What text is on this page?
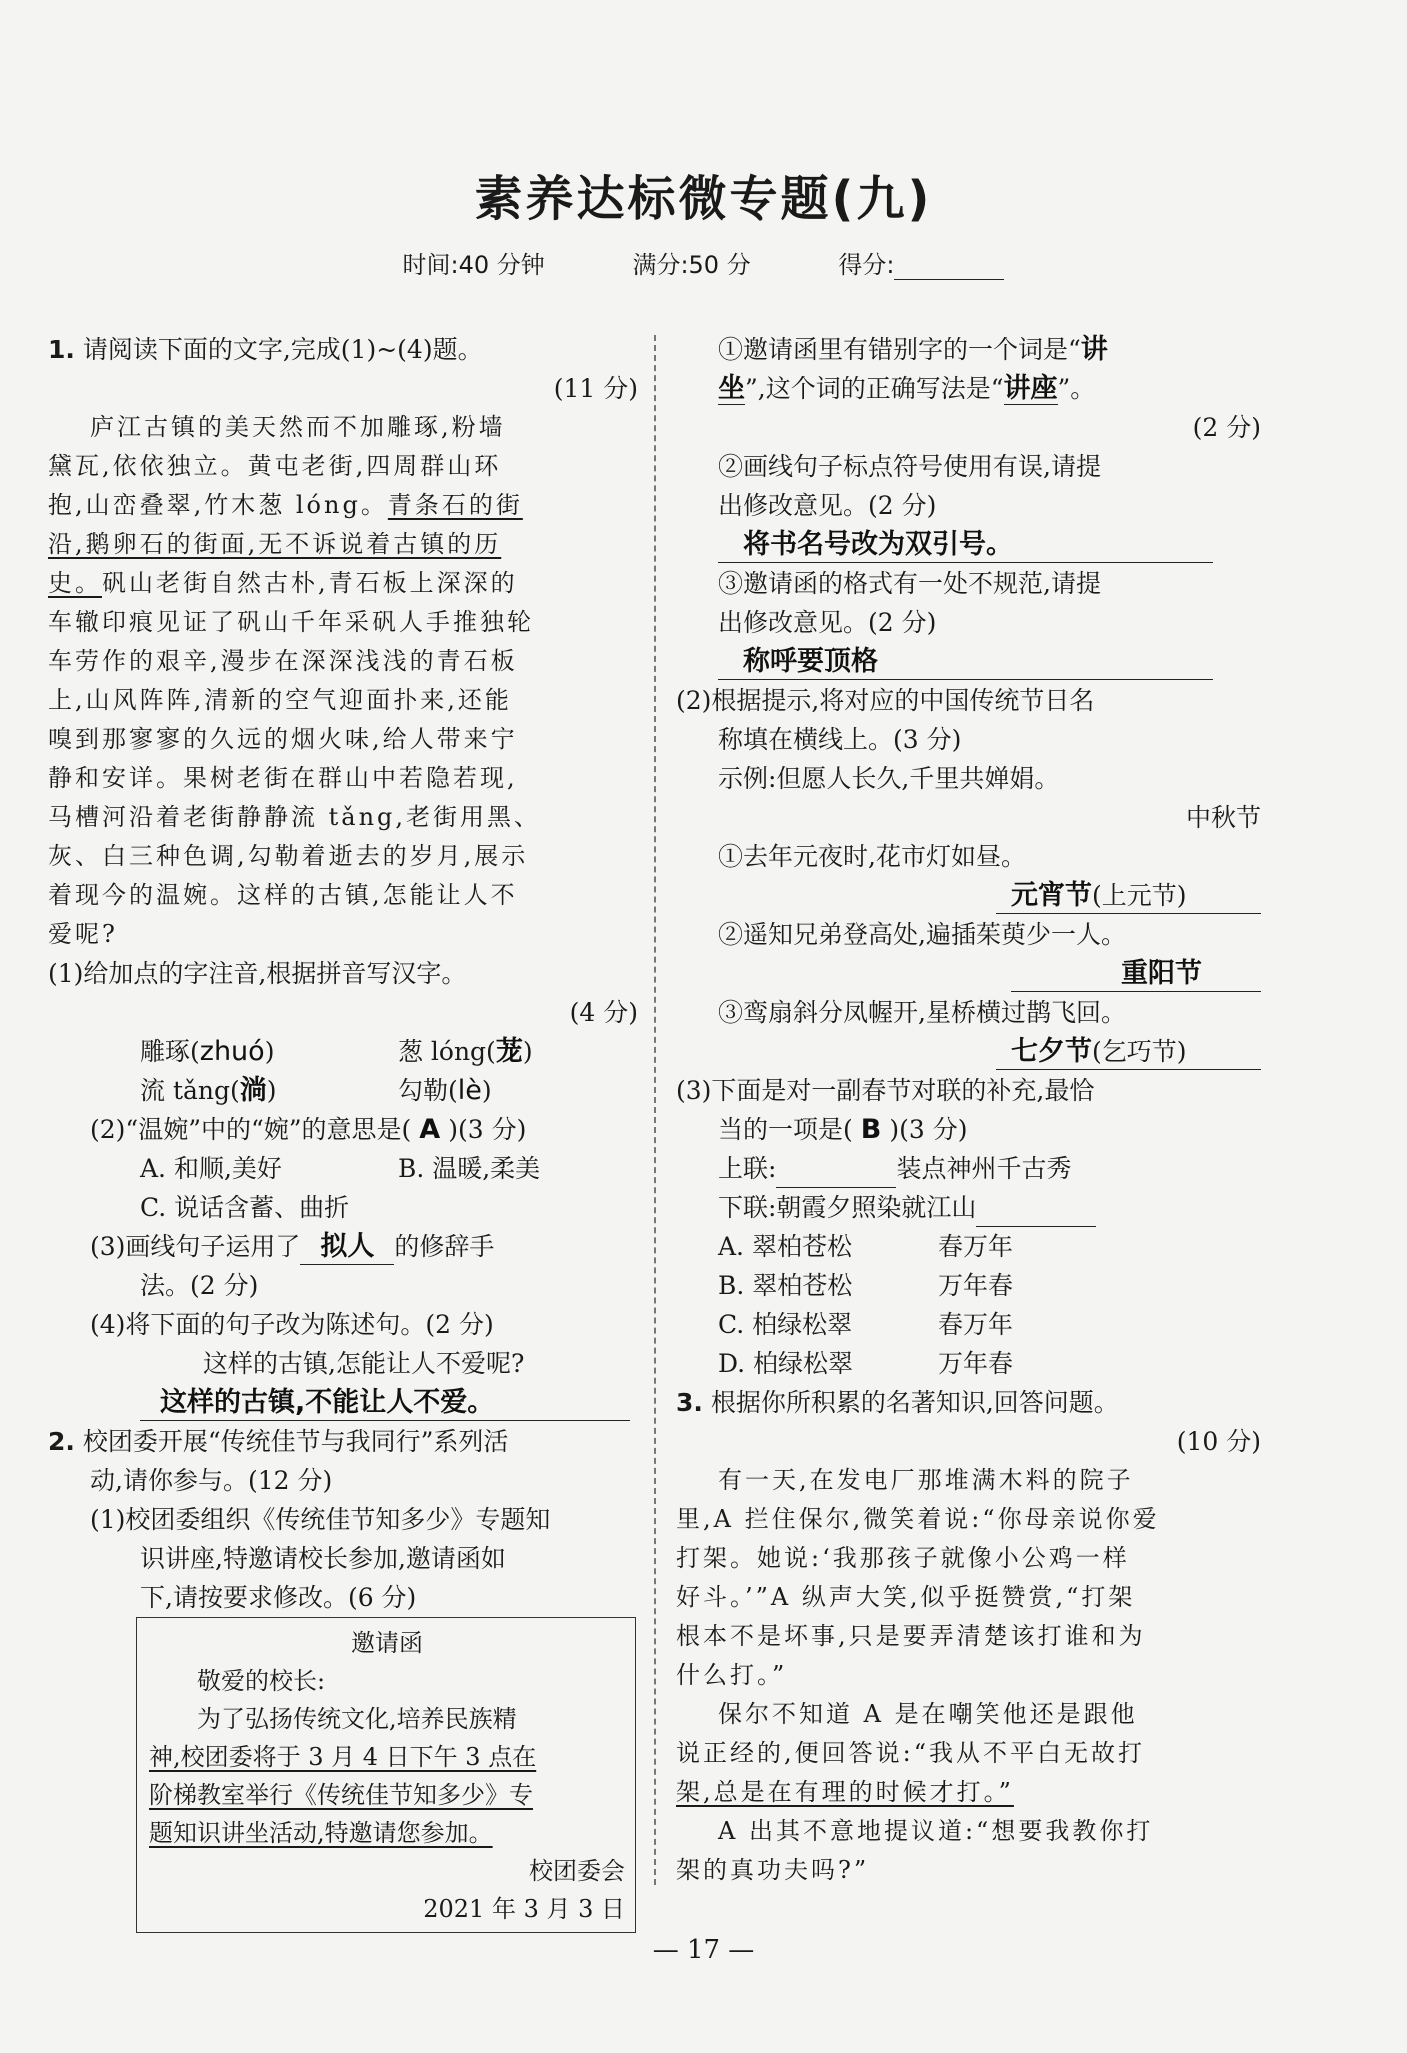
素养达标微专题(九)
时间:40 分钟	满分:50 分	得分:
1. 请阅读下面的文字,完成(1)~(4)题。
(11 分)
庐江古镇的美天然而不加雕琢,粉墙
黛瓦,依依独立。黄屯老街,四周群山环
抱,山峦叠翠,竹木葱 lóng。青条石的街
沿,鹅卵石的街面,无不诉说着古镇的历
史。矾山老街自然古朴,青石板上深深的
车辙印痕见证了矾山千年采矾人手推独轮
车劳作的艰辛,漫步在深深浅浅的青石板
上,山风阵阵,清新的空气迎面扑来,还能
嗅到那寥寥的久远的烟火味,给人带来宁
静和安详。果树老街在群山中若隐若现,
马槽河沿着老街静静流 tǎng,老街用黑、
灰、白三种色调,勾勒着逝去的岁月,展示
着现今的温婉。这样的古镇,怎能让人不
爱呢?
(1)给加点的字注音,根据拼音写汉字。
(4 分)
雕琢(zhuó)	葱 lóng(茏)
流 tǎng(淌)	勾勒(lè)
(2)“温婉”中的“婉”的意思是( A )(3 分)
A. 和顺,美好	B. 温暖,柔美
C. 说话含蓄、曲折
(3)画线句子运用了 拟人 的修辞手
法。(2 分)
(4)将下面的句子改为陈述句。(2 分)
这样的古镇,怎能让人不爱呢?
这样的古镇,不能让人不爱。
2. 校团委开展“传统佳节与我同行”系列活
动,请你参与。(12 分)
(1)校团委组织《传统佳节知多少》专题知
识讲座,特邀请校长参加,邀请函如
下,请按要求修改。(6 分)
邀请函
敬爱的校长:
为了弘扬传统文化,培养民族精
神,校团委将于 3 月 4 日下午 3 点在
阶梯教室举行《传统佳节知多少》专
题知识讲坐活动,特邀请您参加。
校团委会
2021 年 3 月 3 日
①邀请函里有错别字的一个词是“讲
坐”,这个词的正确写法是“讲座”。
(2 分)
②画线句子标点符号使用有误,请提
出修改意见。(2 分)
将书名号改为双引号。
③邀请函的格式有一处不规范,请提
出修改意见。(2 分)
称呼要顶格
(2)根据提示,将对应的中国传统节日名
称填在横线上。(3 分)
示例:但愿人长久,千里共婵娟。
中秋节
①去年元夜时,花市灯如昼。
元宵节(上元节)
②遥知兄弟登高处,遍插茱萸少一人。
重阳节
③鸾扇斜分凤幄开,星桥横过鹊飞回。
七夕节(乞巧节)
(3)下面是对一副春节对联的补充,最恰
当的一项是( B )(3 分)
上联:	装点神州千古秀
下联:朝霞夕照染就江山
A. 翠柏苍松	春万年
B. 翠柏苍松	万年春
C. 柏绿松翠	春万年
D. 柏绿松翠	万年春
3. 根据你所积累的名著知识,回答问题。
(10 分)
有一天,在发电厂那堆满木料的院子
里,A 拦住保尔,微笑着说:“你母亲说你爱
打架。她说:‘我那孩子就像小公鸡一样
好斗。’”A 纵声大笑,似乎挺赞赏,“打架
根本不是坏事,只是要弄清楚该打谁和为
什么打。”
保尔不知道 A 是在嘲笑他还是跟他
说正经的,便回答说:“我从不平白无故打
架,总是在有理的时候才打。”
A 出其不意地提议道:“想要我教你打
架的真功夫吗?”
— 17 —
